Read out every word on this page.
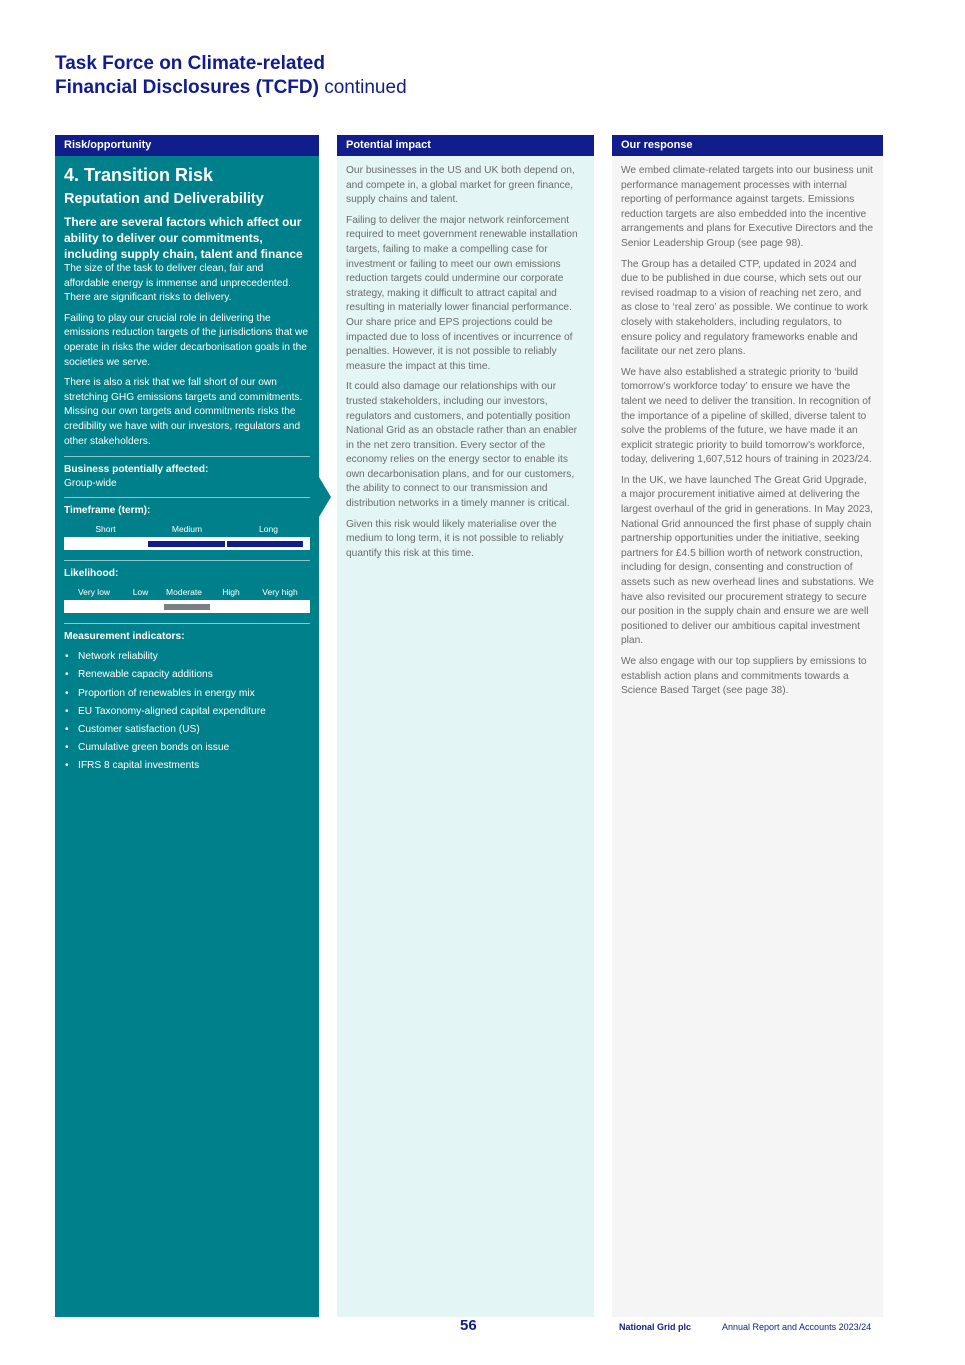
Task Force on Climate-related
Financial Disclosures (TCFD) continued
Risk/opportunity
4. Transition Risk
Reputation and Deliverability
There are several factors which affect our ability to deliver our commitments, including supply chain, talent and finance

The size of the task to deliver clean, fair and affordable energy is immense and unprecedented. There are significant risks to delivery.

Failing to play our crucial role in delivering the emissions reduction targets of the jurisdictions that we operate in risks the wider decarbonisation goals in the societies we serve.

There is also a risk that we fall short of our own stretching GHG emissions targets and commitments. Missing our own targets and commitments risks the credibility we have with our investors, regulators and other stakeholders.

Business potentially affected:
Group-wide
Timeframe (term):
Short	Medium	Long
Likelihood:
Very low	Low	Moderate	High	Very high
Measurement indicators:
• Network reliability
• Renewable capacity additions
• Proportion of renewables in energy mix
• EU Taxonomy-aligned capital expenditure
• Customer satisfaction (US)
• Cumulative green bonds on issue
• IFRS 8 capital investments
Potential impact

Our businesses in the US and UK both depend on, and compete in, a global market for green finance, supply chains and talent.

Failing to deliver the major network reinforcement required to meet government renewable installation targets, failing to make a compelling case for investment or failing to meet our own emissions reduction targets could undermine our corporate strategy, making it difficult to attract capital and resulting in materially lower financial performance. Our share price and EPS projections could be impacted due to loss of incentives or incurrence of penalties. However, it is not possible to reliably measure the impact at this time.

It could also damage our relationships with our trusted stakeholders, including our investors, regulators and customers, and potentially position National Grid as an obstacle rather than an enabler in the net zero transition. Every sector of the economy relies on the energy sector to enable its own decarbonisation plans, and for our customers, the ability to connect to our transmission and distribution networks in a timely manner is critical.

Given this risk would likely materialise over the medium to long term, it is not possible to reliably quantify this risk at this time.

Our response

We embed climate-related targets into our business unit performance management processes with internal reporting of performance against targets. Emissions reduction targets are also embedded into the incentive arrangements and plans for Executive Directors and the Senior Leadership Group (see page 98).

The Group has a detailed CTP, updated in 2024 and due to be published in due course, which sets out our revised roadmap to a vision of reaching net zero, and as close to ‘real zero’ as possible. We continue to work closely with stakeholders, including regulators, to ensure policy and regulatory frameworks enable and facilitate our net zero plans.

We have also established a strategic priority to ‘build tomorrow’s workforce today’ to ensure we have the talent we need to deliver the transition. In recognition of the importance of a pipeline of skilled, diverse talent to solve the problems of the future, we have made it an explicit strategic priority to build tomorrow’s workforce, today, delivering 1,607,512 hours of training in 2023/24.

In the UK, we have launched The Great Grid Upgrade, a major procurement initiative aimed at delivering the largest overhaul of the grid in generations. In May 2023, National Grid announced the first phase of supply chain partnership opportunities under the initiative, seeking partners for £4.5 billion worth of network construction, including for design, consenting and construction of assets such as new overhead lines and substations. We have also revisited our procurement strategy to secure our position in the supply chain and ensure we are well positioned to deliver our ambitious capital investment plan.

We also engage with our top suppliers by emissions to establish action plans and commitments towards a Science Based Target (see page 38).

56	National Grid plc	Annual Report and Accounts 2023/24
